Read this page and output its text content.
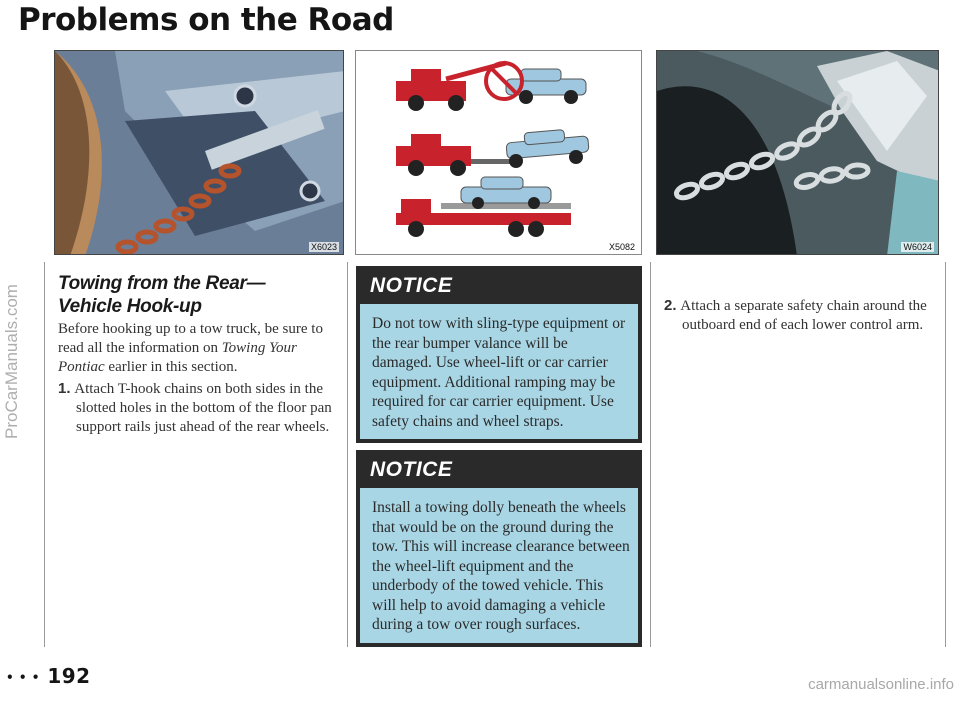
Problems on the Road
ProCarManuals.com
X6023	X5082	W6024
Towing from the Rear—
Vehicle Hook-up

Before hooking up to a tow truck, be sure to read all the information on Towing Your Pontiac earlier in this section.

1. Attach T-hook chains on both sides in the slotted holes in the bottom of the floor pan support rails just ahead of the rear wheels.

NOTICE
Do not tow with sling-type equipment or the rear bumper valance will be damaged. Use wheel-lift or car carrier equipment. Additional ramping may be required for car carrier equipment. Use safety chains and wheel straps.
NOTICE
Install a towing dolly beneath the wheels that would be on the ground during the tow. This will increase clearance between the wheel-lift equipment and the underbody of the towed vehicle. This will help to avoid damaging a vehicle during a tow over rough surfaces.

2. Attach a separate safety chain around the outboard end of each lower control arm.

• • • 192	carmanualsonline.info
